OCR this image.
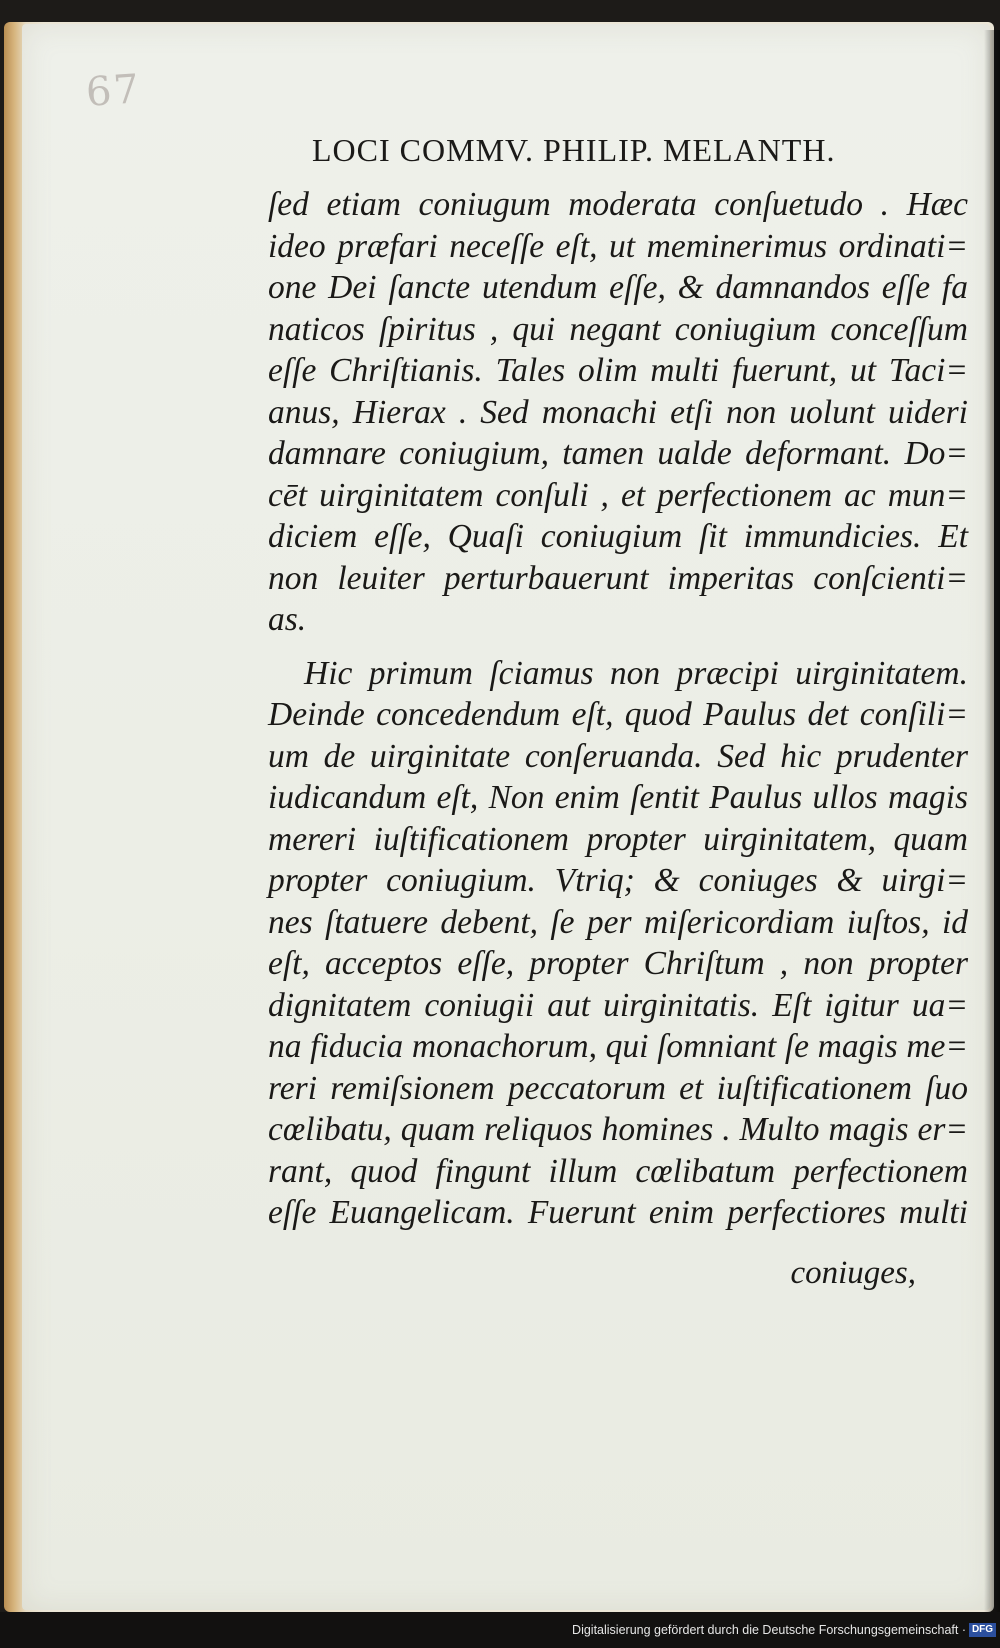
67
LOCI COMMV. PHILIP. MELANTH.
ſed etiam coniugum moderata conſuetudo . Hæc
ideo præfari neceſſe eſt, ut meminerimus ordinati=
one Dei ſancte utendum eſſe, & damnandos eſſe fa
naticos ſpiritus , qui negant coniugium conceſſum
eſſe Chriſtianis. Tales olim multi fuerunt, ut Taci=
anus, Hierax . Sed monachi etſi non uolunt uideri
damnare coniugium, tamen ualde deformant. Do=
cēt uirginitatem conſuli , et perfectionem ac mun=
diciem eſſe, Quaſi coniugium ſit immundicies. Et
non leuiter perturbauerunt imperitas conſcienti=
as.
Hic primum ſciamus non præcipi uirginitatem.
Deinde concedendum eſt, quod Paulus det conſili=
um de uirginitate conſeruanda. Sed hic prudenter
iudicandum eſt, Non enim ſentit Paulus ullos magis
mereri iuſtificationem propter uirginitatem, quam
propter coniugium. Vtriq; & coniuges & uirgi=
nes ſtatuere debent, ſe per miſericordiam iuſtos, id
eſt, acceptos eſſe, propter Chriſtum , non propter
dignitatem coniugii aut uirginitatis. Eſt igitur ua=
na fiducia monachorum, qui ſomniant ſe magis me=
reri remiſsionem peccatorum et iuſtificationem ſuo
cœlibatu, quam reliquos homines . Multo magis er=
rant, quod fingunt illum cœlibatum perfectionem
eſſe Euangelicam. Fuerunt enim perfectiores multi
coniuges,
Digitalisierung gefördert durch die Deutsche Forschungsgemeinschaft · DFG
